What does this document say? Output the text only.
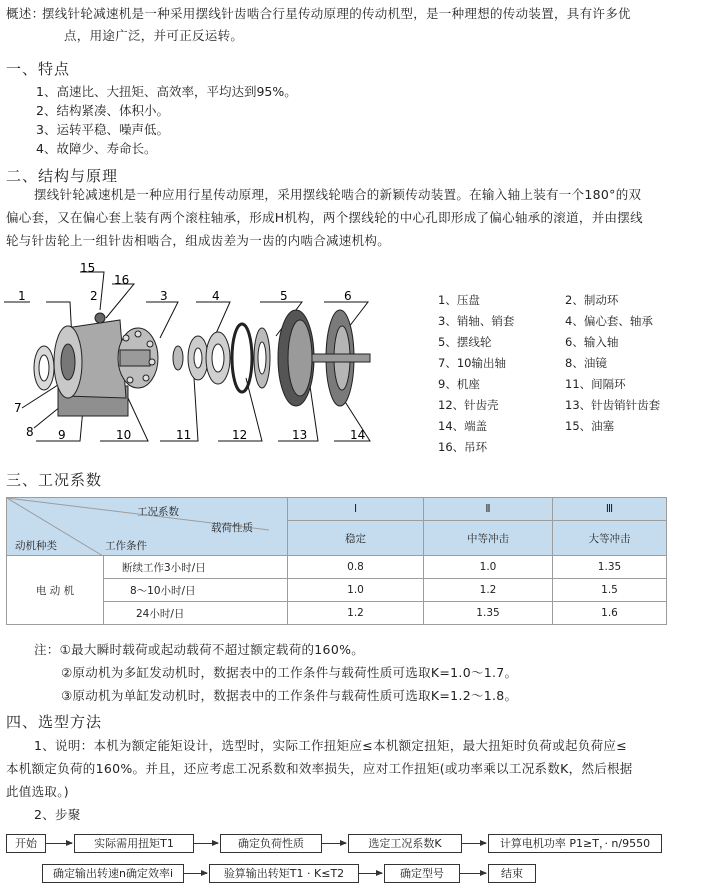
概述：
摆线针轮减速机是一种采用摆线针齿啮合行星传动原理的传动机型，是一种理想的传动装置，具有许多优
点，用途广泛，并可正反运转。
一、特点
1、高速比、大扭矩、高效率，平均达到95%。
2、结构紧凑、体积小。
3、运转平稳、噪声低。
4、故障少、寿命长。
二、结构与原理
摆线针轮减速机是一种应用行星传动原理，采用摆线轮啮合的新颖传动装置。在输入轴上装有一个180°的双
偏心套，又在偏心套上装有两个滚柱轴承，形成H机构，两个摆线轮的中心孔即形成了偏心轴承的滚道，并由摆线
轮与针齿轮上一组针齿相啮合，组成齿差为一齿的内啮合减速机构。
15
16
1	2	3	4	5	6
7
8 9	10	11	12	13	14
1、压盘	2、制动环
3、销轴、销套	4、偏心套、轴承
5、摆线轮	6、输入轴
7、10输出轴	8、油镜
9、机座	11、间隔环
12、针齿壳	13、针齿销针齿套
14、端盖	15、油塞
16、吊环
三、工况系数
工况系数
载荷性质
动机种类 工作条件		Ⅰ	Ⅱ	Ⅲ
		稳定	中等冲击	大等冲击
电 动 机	断续工作3小时/日	0.8	1.0	1.35
	8～10小时/日	1.0	1.2	1.5
	24小时/日	1.2	1.35	1.6
注：①最大瞬时载荷或起动载荷不超过额定载荷的160%。
②原动机为多缸发动机时，数据表中的工作条件与载荷性质可选取K=1.0～1.7。
③原动机为单缸发动机时，数据表中的工作条件与载荷性质可选取K=1.2～1.8。
四、选型方法
1、说明：本机为额定能矩设计，选型时，实际工作扭矩应≤本机额定扭矩，最大扭矩时负荷或起负荷应≤
本机额定负荷的160%。并且，还应考虑工况系数和效率损失，应对工作扭矩(或功率乘以工况系数K，然后根据
此值选取。)
2、步聚
开始	实际需用扭矩T1	确定负荷性质	选定工况系数K	计算电机功率 P1≥T，· n/9550
确定输出转速n确定效率i	验算输出转矩T1 · K≤T2	确定型号	结束
